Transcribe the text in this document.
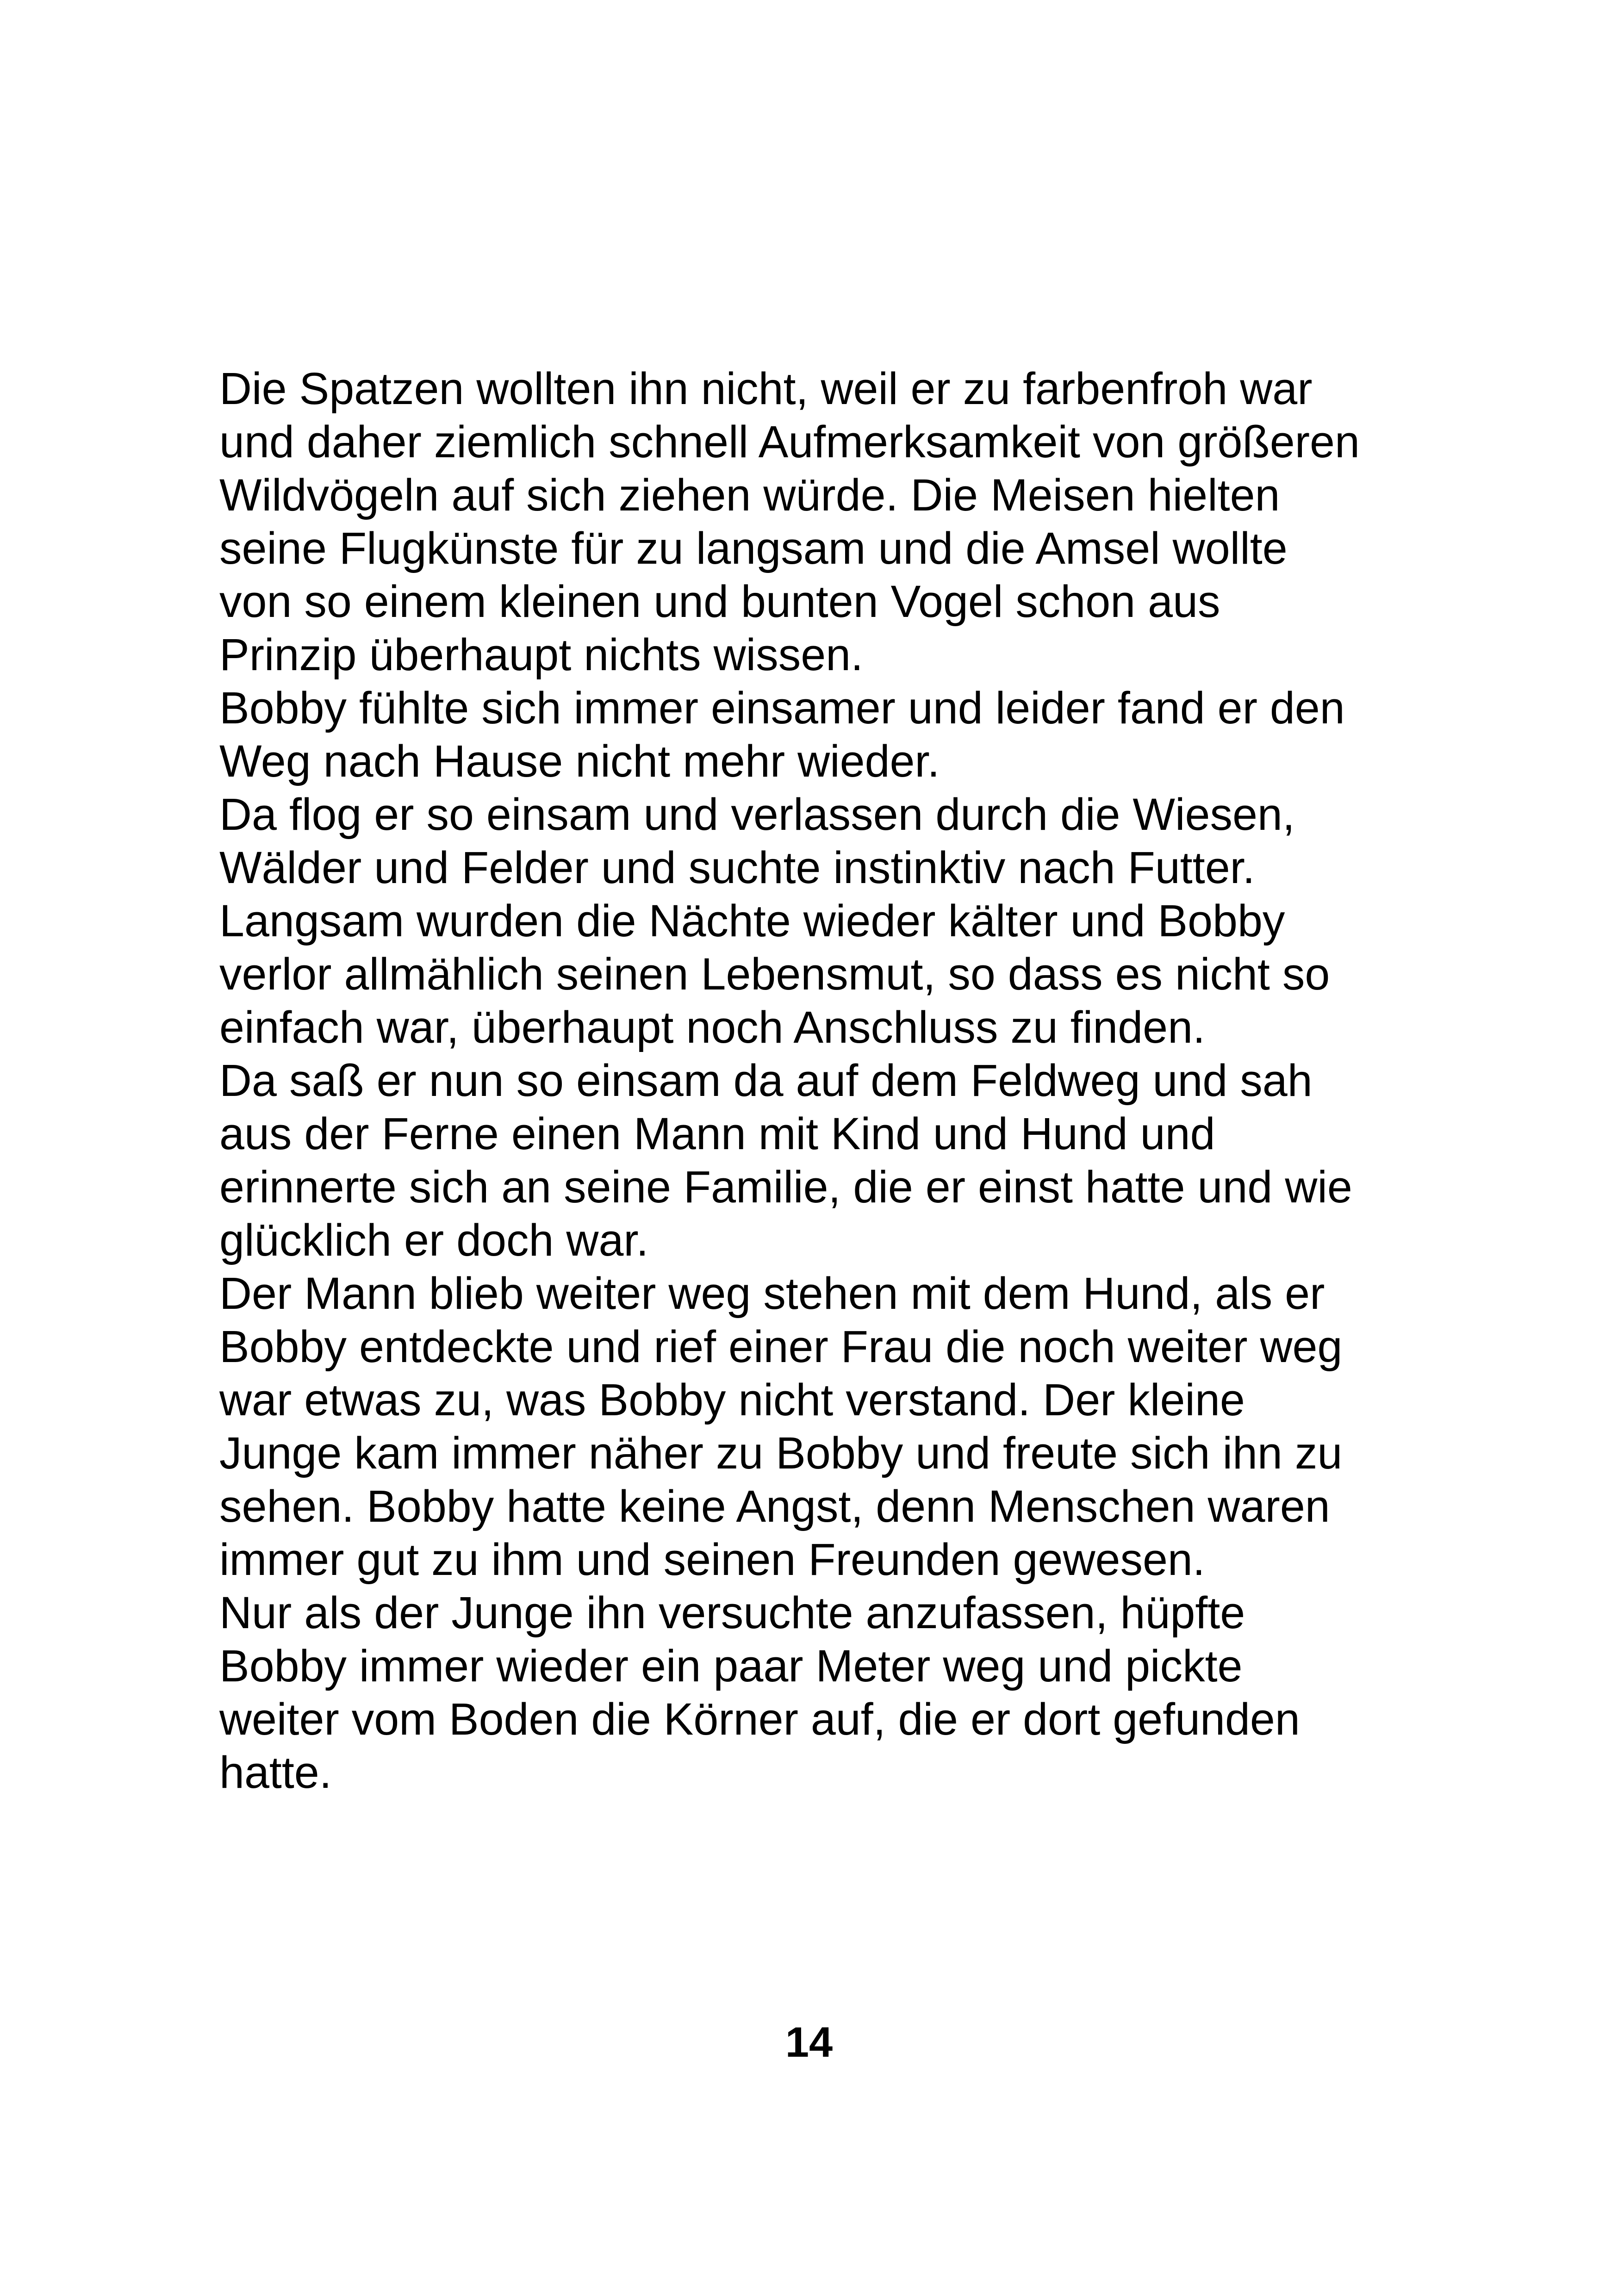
Die Spatzen wollten ihn nicht, weil er zu farbenfroh war
und daher ziemlich schnell Aufmerksamkeit von größeren
Wildvögeln auf sich ziehen würde. Die Meisen hielten
seine Flugkünste für zu langsam und die Amsel wollte
von so einem kleinen und bunten Vogel schon aus
Prinzip überhaupt nichts wissen.
Bobby fühlte sich immer einsamer und leider fand er den
Weg nach Hause nicht mehr wieder.
Da flog er so einsam und verlassen durch die Wiesen,
Wälder und Felder und suchte instinktiv nach Futter.
Langsam wurden die Nächte wieder kälter und Bobby
verlor allmählich seinen Lebensmut, so dass es nicht so
einfach war, überhaupt noch Anschluss zu finden.
Da saß er nun so einsam da auf dem Feldweg und sah
aus der Ferne einen Mann mit Kind und Hund und
erinnerte sich an seine Familie, die er einst hatte und wie
glücklich er doch war.
Der Mann blieb weiter weg stehen mit dem Hund, als er
Bobby entdeckte und rief einer Frau die noch weiter weg
war etwas zu, was Bobby nicht verstand. Der kleine
Junge kam immer näher zu Bobby und freute sich ihn zu
sehen. Bobby hatte keine Angst, denn Menschen waren
immer gut zu ihm und seinen Freunden gewesen.
Nur als der Junge ihn versuchte anzufassen, hüpfte
Bobby immer wieder ein paar Meter weg und pickte
weiter vom Boden die Körner auf, die er dort gefunden
hatte.
14
